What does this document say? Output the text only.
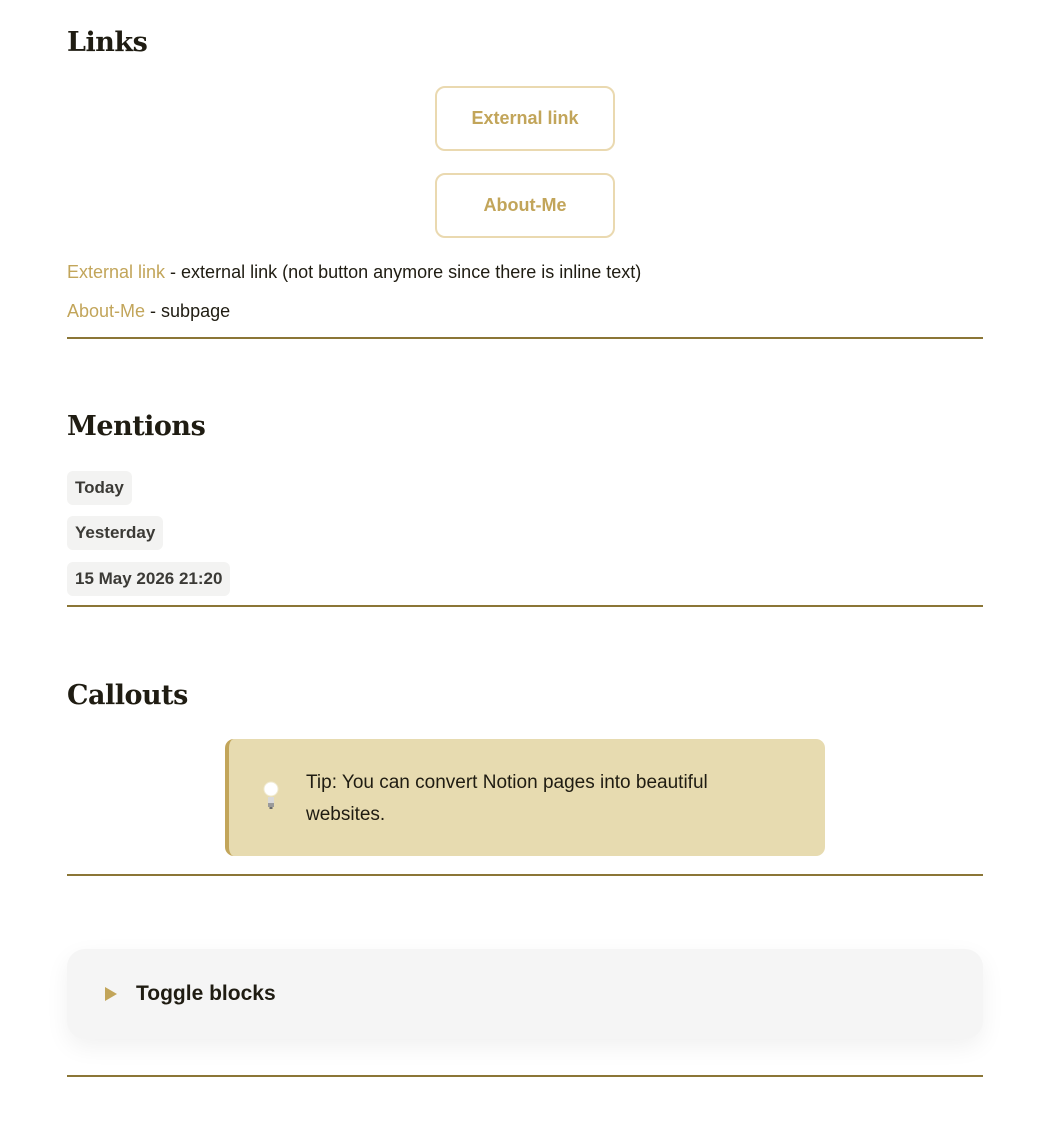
Links
External link
About-Me
External link - external link (not button anymore since there is inline text)
About-Me - subpage
Mentions
Today
Yesterday
15 May 2026 21:20
Callouts
Tip: You can convert Notion pages into beautiful websites.
Toggle blocks
